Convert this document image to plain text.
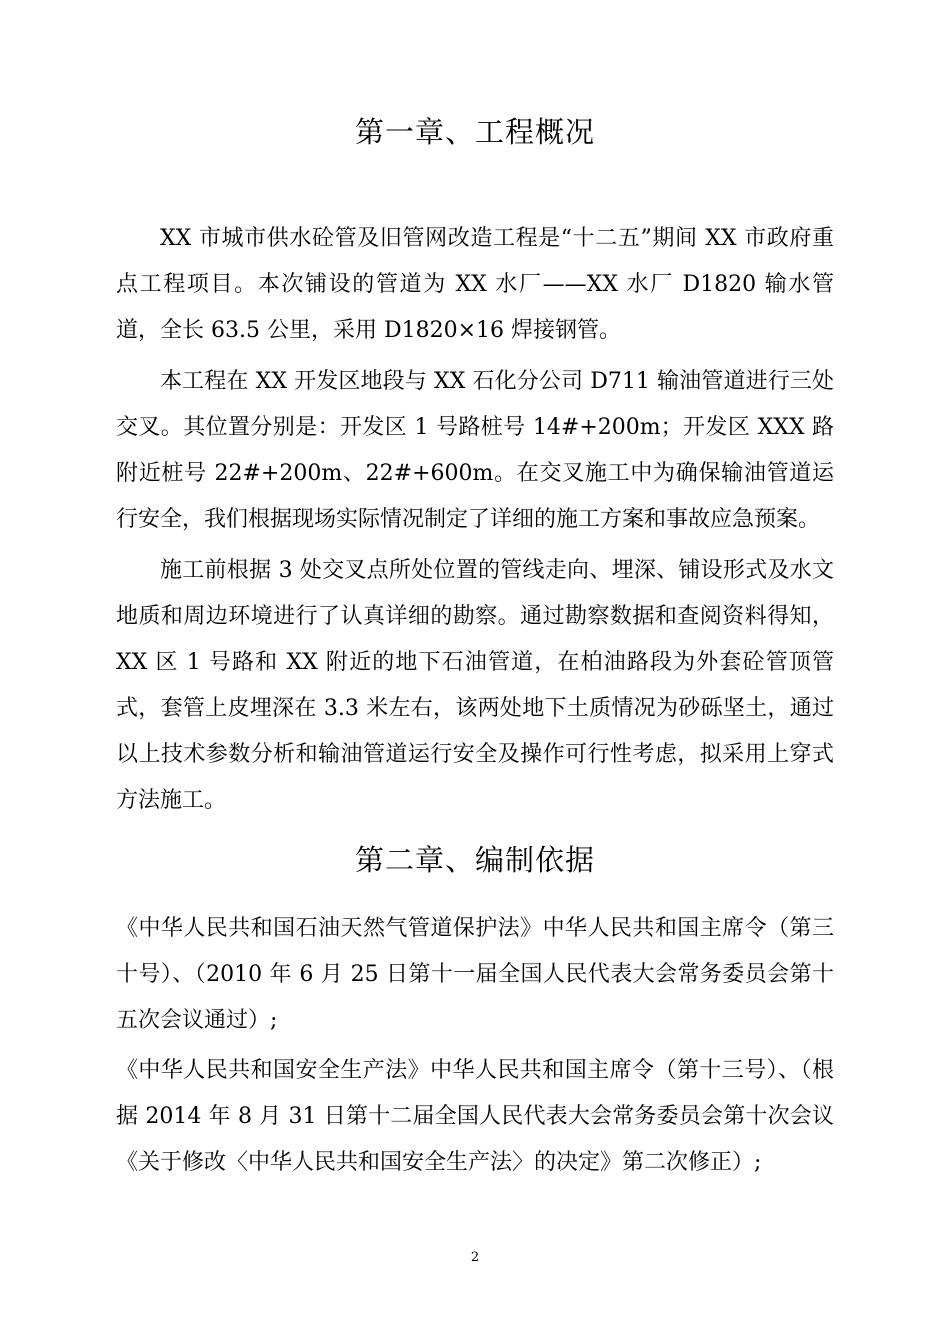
第一章、工程概况

XX 市城市供水砼管及旧管网改造工程是“十二五”期间 XX 市政府重点工程项目。本次铺设的管道为 XX 水厂——XX 水厂 D1820 输水管道，全长 63.5 公里，采用 D1820×16 焊接钢管。

本工程在 XX 开发区地段与 XX 石化分公司 D711 输油管道进行三处交叉。其位置分别是：开发区 1 号路桩号 14#+200m；开发区 XXX 路附近桩号 22#+200m、22#+600m。在交叉施工中为确保输油管道运行安全，我们根据现场实际情况制定了详细的施工方案和事故应急预案。

施工前根据 3 处交叉点所处位置的管线走向、埋深、铺设形式及水文地质和周边环境进行了认真详细的勘察。通过勘察数据和查阅资料得知，XX 区 1 号路和 XX 附近的地下石油管道，在柏油路段为外套砼管顶管式，套管上皮埋深在 3.3 米左右，该两处地下土质情况为砂砾坚土，通过以上技术参数分析和输油管道运行安全及操作可行性考虑，拟采用上穿式方法施工。

第二章、编制依据

《中华人民共和国石油天然气管道保护法》中华人民共和国主席令（第三十号）、（2010 年 6 月 25 日第十一届全国人民代表大会常务委员会第十五次会议通过）;

《中华人民共和国安全生产法》中华人民共和国主席令（第十三号）、（根据 2014 年 8 月 31 日第十二届全国人民代表大会常务委员会第十次会议《关于修改〈中华人民共和国安全生产法〉的决定》第二次修正）;

2
